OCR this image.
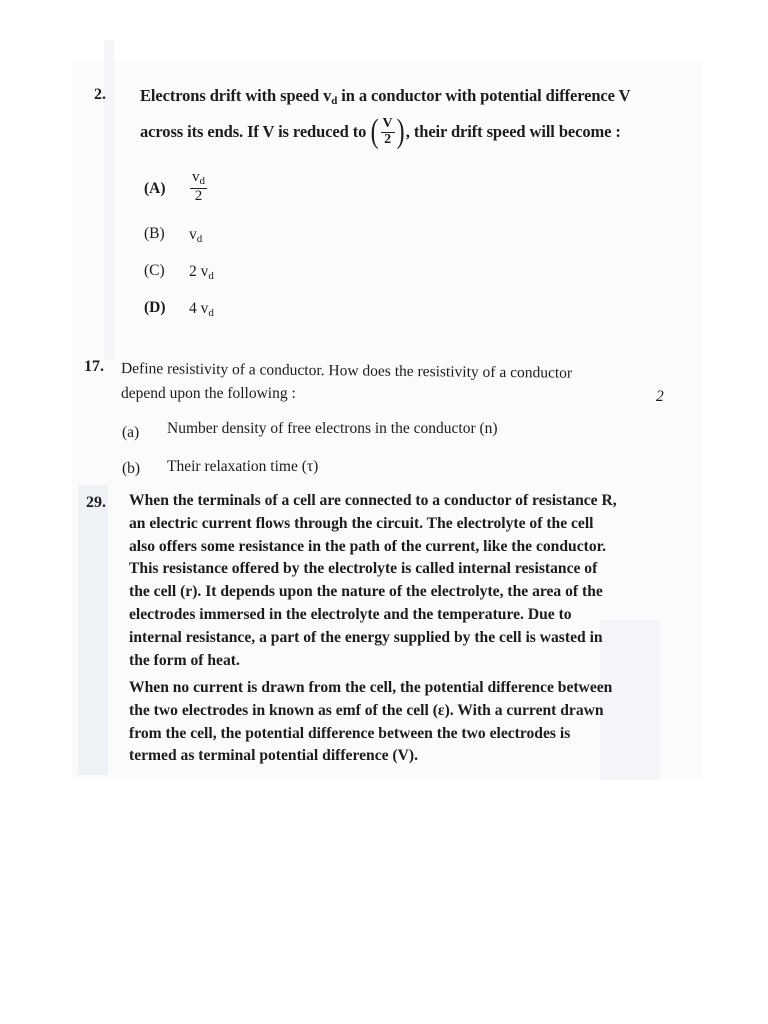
2. Electrons drift with speed $v_d$ in a conductor with potential difference V
across its ends. If V is reduced to ( $\frac{V}{2}$ ) , their drift speed will become :
$(A) \frac{v_d}{2}$
(B) $v_d$
(C) 2 $v_d$
(D) 4 $v_d$
17. Define resistivity of a conductor. How does the resistivity of a conductor
depend upon the following :	2
(a) Number density of free electrons in the conductor (n)
(b) Their relaxation time (τ)
29. When the terminals of a cell are connected to a conductor of resistance R,
an electric current flows through the circuit. The electrolyte of the cell
also offers some resistance in the path of the current, like the conductor.
This resistance offered by the electrolyte is called internal resistance of
the cell (r). It depends upon the nature of the electrolyte, the area of the
electrodes immersed in the electrolyte and the temperature. Due to
internal resistance, a part of the energy supplied by the cell is wasted in
the form of heat.
When no current is drawn from the cell, the potential difference between
the two electrodes in known as emf of the cell (ε). With a current drawn
from the cell, the potential difference between the two electrodes is
termed as terminal potential difference (V).
